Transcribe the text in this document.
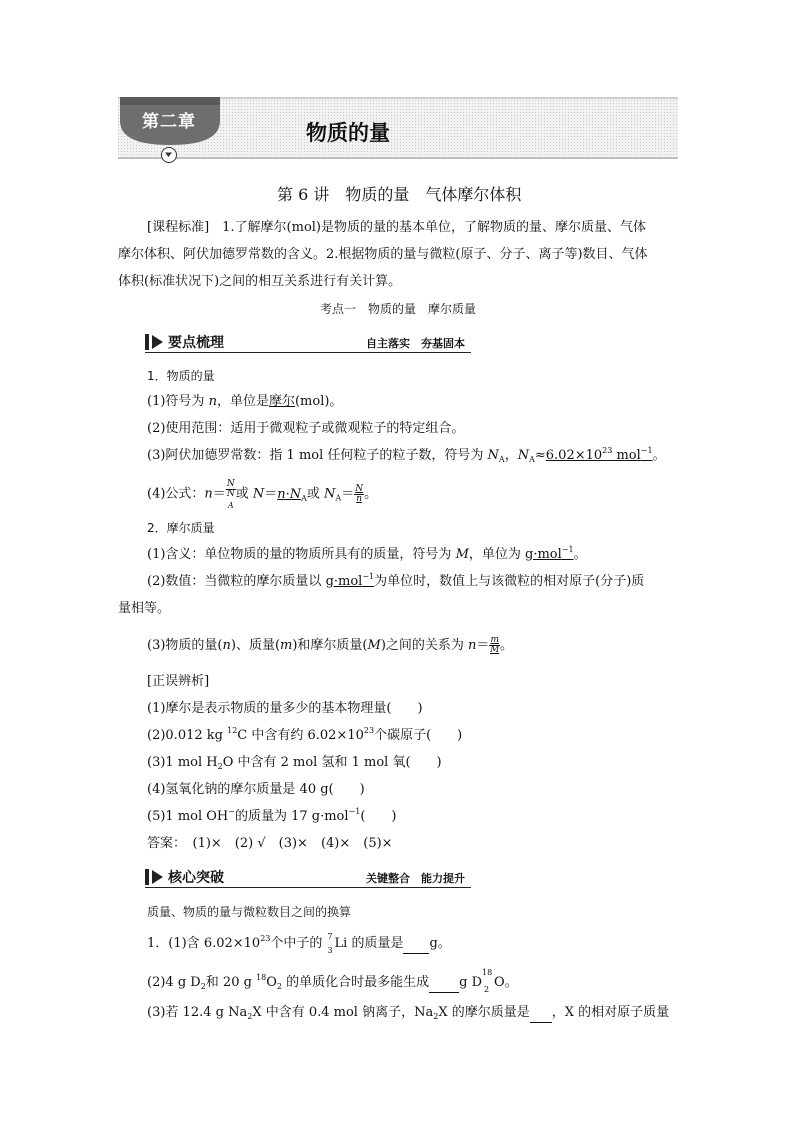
第二章	物质的量
第 6 讲　物质的量　气体摩尔体积
[课程标准]　1.了解摩尔(mol)是物质的量的基本单位，了解物质的量、摩尔质量、气体
摩尔体积、阿伏加德罗常数的含义。2.根据物质的量与微粒(原子、分子、离子等)数目、气体
体积(标准状况下)之间的相互关系进行有关计算。
考点一　物质的量　摩尔质量
要点梳理	自主落实　夯基固本
1．物质的量
(1)符号为 n，单位是摩尔(mol)。
(2)使用范围：适用于微观粒子或微观粒子的特定组合。
(3)阿伏加德罗常数：指 1 mol 任何粒子的粒子数，符号为 $N_A$，$N_A\approx 6.02\times 10^{23}$ mol$^{-1}$。
(4)公式：n＝ N
N
$_A$ 或 $N=n\cdot N_A$或 $N_A= \frac{N}{n}$ 。
2．摩尔质量
(1)含义：单位物质的量的物质所具有的质量，符号为 M，单位为 g·mol$^{-1}$。
(2)数值：当微粒的摩尔质量以 g·mol$^{-1}$为单位时，数值上与该微粒的相对原子(分子)质
量相等。
(3)物质的量(n)、质量(m)和摩尔质量(M)之间的关系为 $n= \frac{m}{M}$ 。
[正误辨析]
(1)摩尔是表示物质的量多少的基本物理量(　　)
(2)0.012 kg $^{12}$C 中含有约 $6.02\times 10^{23}$个碳原子(　　)
(3)1 mol $H_2O$ 中含有 2 mol 氢和 1 mol 氧(　　)
(4)氢氧化钠的摩尔质量是 40 g(　　)
(5)1 mol OH−的质量为 17 g·mol$^{-1}$(　　)
答案：　(1)×　(2) √　(3)×　(4)×　(5)×
核心突破	关键整合　能力提升
质量、物质的量与微粒数目之间的换算
1．(1)含 $6.02\times 10^{23}$个中子的 7
3 Li 的质量是 g。
(2)4 g $D_2$和 20 g $^{18}O_2$ 的单质化合时最多能生成 g D
18
2 O。
(3)若 12.4 g $Na_2X$ 中含有 0.4 mol 钠离子，$Na_2X$ 的摩尔质量是 ，X 的相对原子质量
